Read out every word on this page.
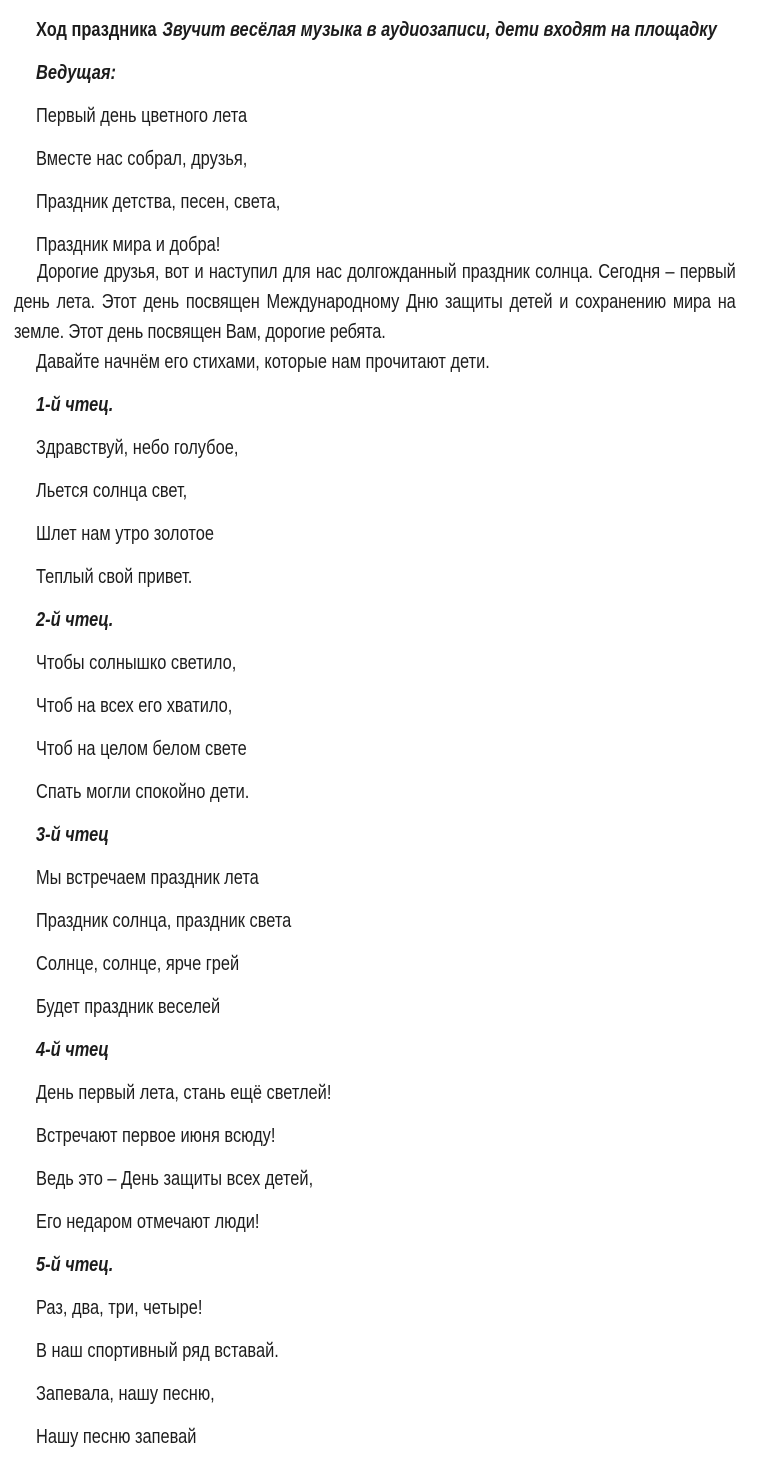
Ход праздника Звучит весёлая музыка в аудиозаписи, дети входят на площадку
Ведущая:
Первый день цветного лета
Вместе нас собрал, друзья,
Праздник детства, песен, света,
Праздник мира и добра!
Дорогие друзья, вот и наступил для нас долгожданный праздник солнца. Сегодня – первый день лета. Этот день посвящен Международному Дню защиты детей и сохранению мира на земле. Этот день посвящен Вам, дорогие ребята.
Давайте начнём его стихами, которые нам прочитают дети.
1-й чтец.
Здравствуй, небо голубое,
Льется солнца свет,
Шлет нам утро золотое
Теплый свой привет.
2-й чтец.
Чтобы солнышко светило,
Чтоб на всех его хватило,
Чтоб на целом белом свете
Спать могли спокойно дети.
3-й чтец
Мы встречаем праздник лета
Праздник солнца, праздник света
Солнце, солнце, ярче грей
Будет праздник веселей
4-й чтец
День первый лета, стань ещё светлей!
Встречают первое июня всюду!
Ведь это – День защиты всех детей,
Его недаром отмечают люди!
5-й чтец.
Раз, два, три, четыре!
В наш спортивный ряд вставай.
Запевала, нашу песню,
Нашу песню запевай
